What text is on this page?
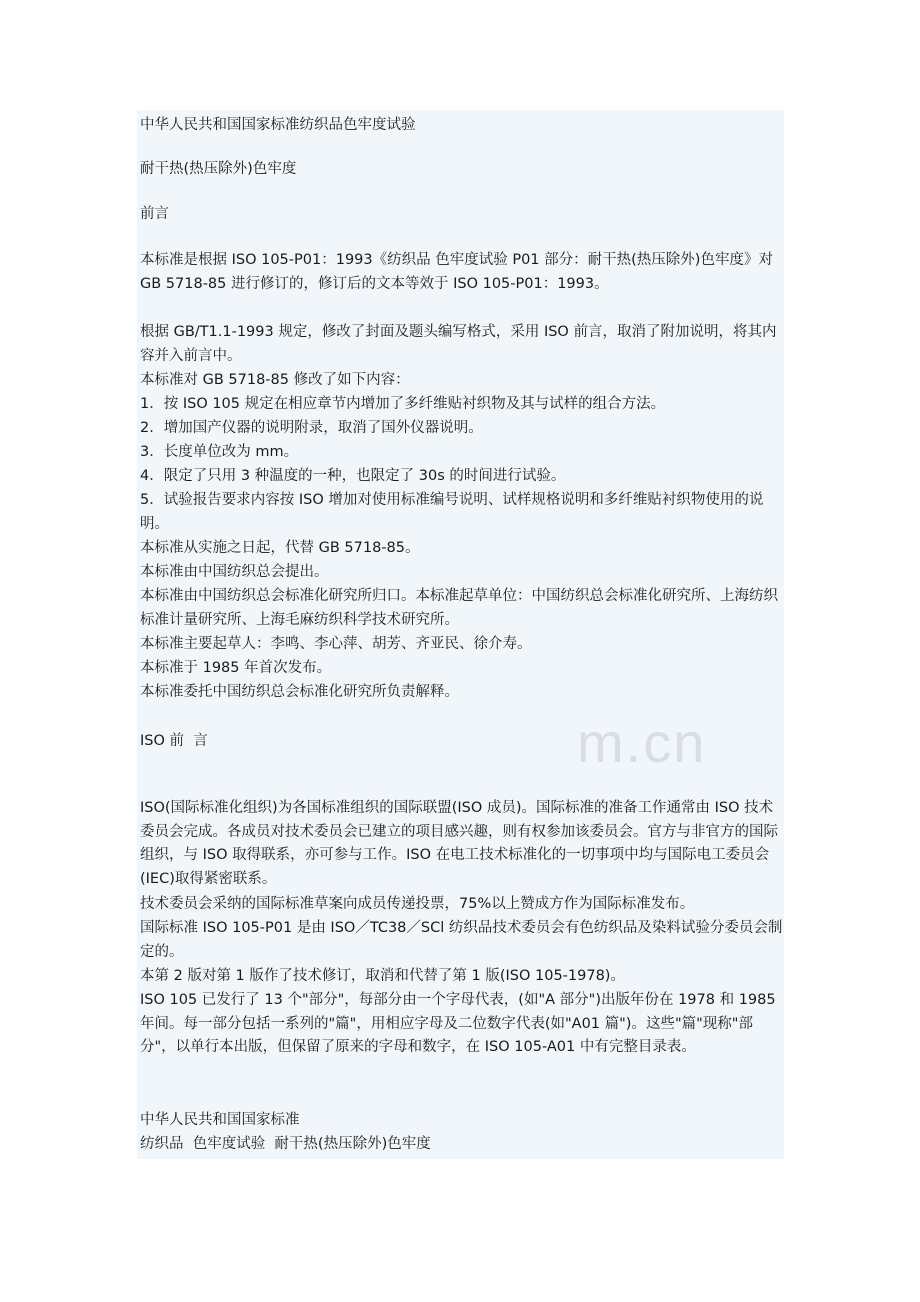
m.cn
中华人民共和国国家标准纺织品色牢度试验
耐干热(热压除外)色牢度
前言
本标准是根据 ISO 105-P01：1993《纺织品 色牢度试验 P01 部分：耐干热(热压除外)色牢度》对 GB 5718-85 进行修订的，修订后的文本等效于 ISO 105-P01：1993。
根据 GB/T1.1-1993 规定，修改了封面及题头编写格式，采用 ISO 前言，取消了附加说明，将其内容并入前言中。
本标准对 GB 5718-85 修改了如下内容：
1．按 ISO 105 规定在相应章节内增加了多纤维贴衬织物及其与试样的组合方法。
2．增加国产仪器的说明附录，取消了国外仪器说明。
3．长度单位改为 mm。
4．限定了只用 3 种温度的一种，也限定了 30s 的时间进行试验。
5．试验报告要求内容按 ISO 增加对使用标准编号说明、试样规格说明和多纤维贴衬织物使用的说明。
本标准从实施之日起，代替 GB 5718-85。
本标准由中国纺织总会提出。
本标准由中国纺织总会标准化研究所归口。本标准起草单位：中国纺织总会标准化研究所、上海纺织标准计量研究所、上海毛麻纺织科学技术研究所。
本标准主要起草人：李鸣、李心萍、胡芳、齐亚民、徐介寿。
本标准于 1985 年首次发布。
本标准委托中国纺织总会标准化研究所负责解释。
ISO 前  言
ISO(国际标准化组织)为各国标准组织的国际联盟(ISO 成员)。国际标准的准备工作通常由 ISO 技术委员会完成。各成员对技术委员会已建立的项目感兴趣，则有权参加该委员会。官方与非官方的国际组织，与 ISO 取得联系，亦可参与工作。ISO 在电工技术标准化的一切事项中均与国际电工委员会(IEC)取得紧密联系。
技术委员会采纳的国际标准草案向成员传递投票，75%以上赞成方作为国际标准发布。
国际标准 ISO 105-P01 是由 ISO／TC38／SCl 纺织品技术委员会有色纺织品及染料试验分委员会制定的。
本第 2 版对第 1 版作了技术修订，取消和代替了第 1 版(ISO 105-1978)。
ISO 105 已发行了 13 个"部分"，每部分由一个字母代表，(如"A 部分")出版年份在 1978 和 1985 年间。每一部分包括一系列的"篇"，用相应字母及二位数字代表(如"A01 篇")。这些"篇"现称"部分"，以单行本出版，但保留了原来的字母和数字，在 ISO 105-A01 中有完整目录表。
中华人民共和国国家标准
纺织品  色牢度试验  耐干热(热压除外)色牢度
